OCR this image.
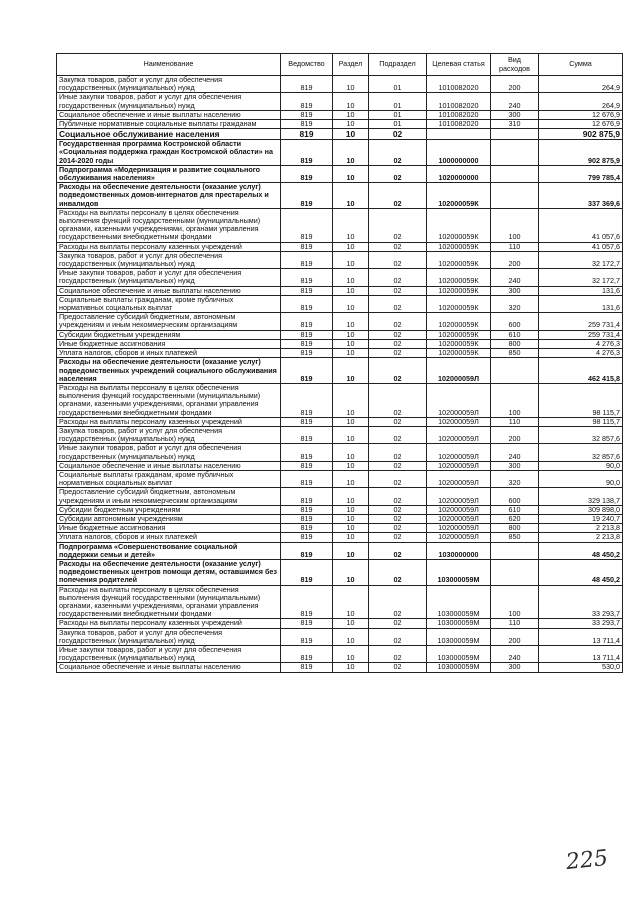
Наименование	Ведомство	Раздел	Подраздел	Целевая статья	Вид расходов	Сумма
Закупка товаров, работ и услуг для обеспечения государственных (муниципальных) нужд	819	10	01	1010082020	200	264,9
Иные закупки товаров, работ и услуг для обеспечения государственных (муниципальных) нужд	819	10	01	1010082020	240	264,9
Социальное обеспечение и иные выплаты населению	819	10	01	1010082020	300	12 676,9
Публичные нормативные социальные выплаты гражданам	819	10	01	1010082020	310	12 676,9
Социальное обслуживание населения	819	10	02			902 875,9
Государственная программа Костромской области «Социальная поддержка граждан Костромской области» на 2014-2020 годы	819	10	02	1000000000		902 875,9
Подпрограмма «Модернизация и развитие социального обслуживания населения»	819	10	02	1020000000		799 785,4
Расходы на обеспечение деятельности (оказание услуг) подведомственных домов-интернатов для престарелых и инвалидов	819	10	02	102000059К		337 369,6
Расходы на выплаты персоналу в целях обеспечения выполнения функций государственными (муниципальными) органами, казенными учреждениями, органами управления государственными внебюджетными фондами	819	10	02	102000059К	100	41 057,6
Расходы на выплаты персоналу казенных учреждений	819	10	02	102000059К	110	41 057,6
Закупка товаров, работ и услуг для обеспечения государственных (муниципальных) нужд	819	10	02	102000059К	200	32 172,7
Иные закупки товаров, работ и услуг для обеспечения государственных (муниципальных) нужд	819	10	02	102000059К	240	32 172,7
Социальное обеспечение и иные выплаты населению	819	10	02	102000059К	300	131,6
Социальные выплаты гражданам, кроме публичных нормативных социальных выплат	819	10	02	102000059К	320	131,6
Предоставление субсидий бюджетным, автономным учреждениям и иным некоммерческим организациям	819	10	02	102000059К	600	259 731,4
Субсидии бюджетным учреждениям	819	10	02	102000059К	610	259 731,4
Иные бюджетные ассигнования	819	10	02	102000059К	800	4 276,3
Уплата налогов, сборов и иных платежей	819	10	02	102000059К	850	4 276,3
Расходы на обеспечение деятельности (оказание услуг) подведомственных учреждений социального обслуживания населения	819	10	02	102000059Л		462 415,8
Расходы на выплаты персоналу в целях обеспечения выполнения функций государственными (муниципальными) органами, казенными учреждениями, органами управления государственными внебюджетными фондами	819	10	02	102000059Л	100	98 115,7
Расходы на выплаты персоналу казенных учреждений	819	10	02	102000059Л	110	98 115,7
Закупка товаров, работ и услуг для обеспечения государственных (муниципальных) нужд	819	10	02	102000059Л	200	32 857,6
Иные закупки товаров, работ и услуг для обеспечения государственных (муниципальных) нужд	819	10	02	102000059Л	240	32 857,6
Социальное обеспечение и иные выплаты населению	819	10	02	102000059Л	300	90,0
Социальные выплаты гражданам, кроме публичных нормативных социальных выплат	819	10	02	102000059Л	320	90,0
Предоставление субсидий бюджетным, автономным учреждениям и иным некоммерческим организациям	819	10	02	102000059Л	600	329 138,7
Субсидии бюджетным учреждениям	819	10	02	102000059Л	610	309 898,0
Субсидии автономным учреждениям	819	10	02	102000059Л	620	19 240,7
Иные бюджетные ассигнования	819	10	02	102000059Л	800	2 213,8
Уплата налогов, сборов и иных платежей	819	10	02	102000059Л	850	2 213,8
Подпрограмма «Совершенствование социальной поддержки семьи и детей»	819	10	02	1030000000		48 450,2
Расходы на обеспечение деятельности (оказание услуг) подведомственных центров помощи детям, оставшимся без попечения родителей	819	10	02	103000059М		48 450,2
Расходы на выплаты персоналу в целях обеспечения выполнения функций государственными (муниципальными) органами, казенными учреждениями, органами управления государственными внебюджетными фондами	819	10	02	103000059М	100	33 293,7
Расходы на выплаты персоналу казенных учреждений	819	10	02	103000059М	110	33 293,7
Закупка товаров, работ и услуг для обеспечения государственных (муниципальных) нужд	819	10	02	103000059М	200	13 711,4
Иные закупки товаров, работ и услуг для обеспечения государственных (муниципальных) нужд	819	10	02	103000059М	240	13 711,4
Социальное обеспечение и иные выплаты населению	819	10	02	103000059М	300	530,0
225
